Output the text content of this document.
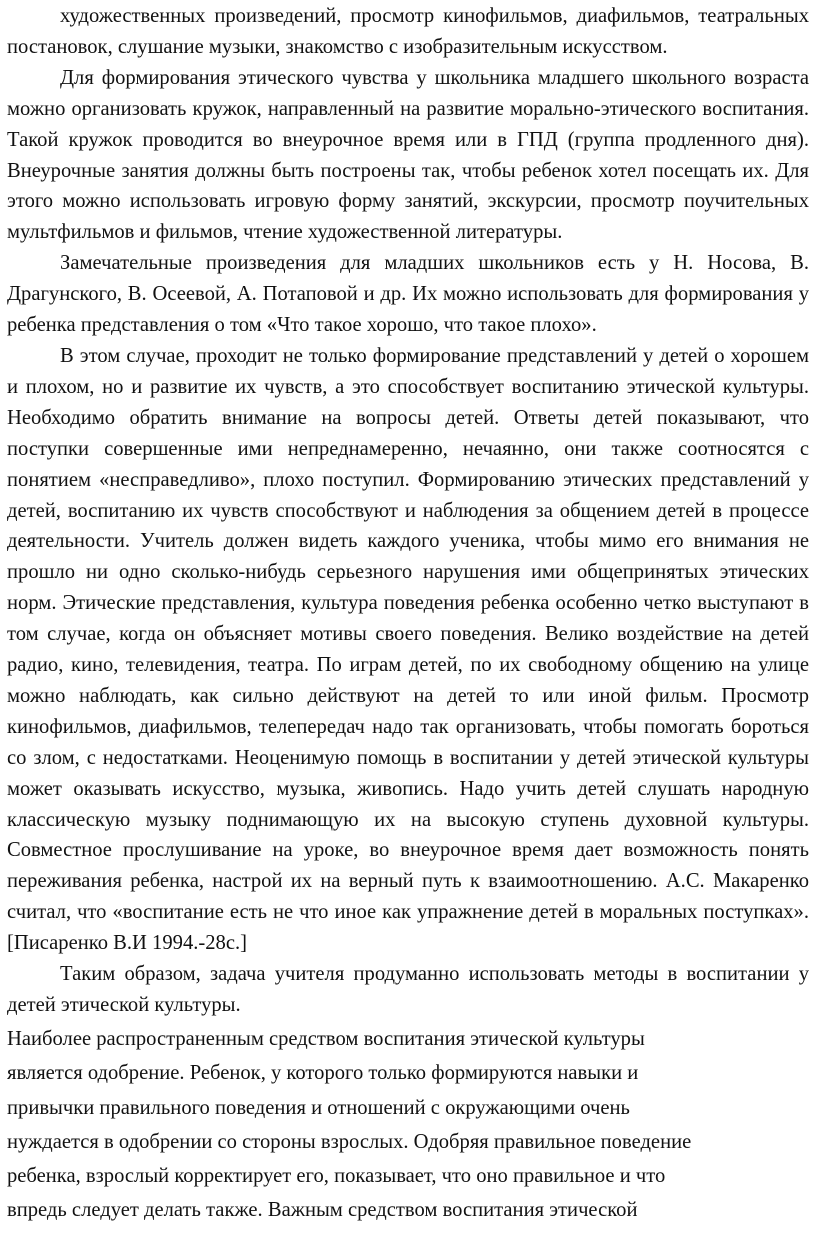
художественных произведений, просмотр кинофильмов, диафильмов, театральных постановок, слушание музыки, знакомство с изобразительным искусством.

Для формирования этического чувства у школьника младшего школьного возраста можно организовать кружок, направленный на развитие морально-этического воспитания. Такой кружок проводится во внеурочное время или в ГПД (группа продленного дня). Внеурочные занятия должны быть построены так, чтобы ребенок хотел посещать их. Для этого можно использовать игровую форму занятий, экскурсии, просмотр поучительных мультфильмов и фильмов, чтение художественной литературы.

Замечательные произведения для младших школьников есть у Н. Носова, В. Драгунского, В. Осеевой, А. Потаповой и др. Их можно использовать для формирования у ребенка представления о том «Что такое хорошо, что такое плохо».

В этом случае, проходит не только формирование представлений у детей о хорошем и плохом, но и развитие их чувств, а это способствует воспитанию этической культуры. Необходимо обратить внимание на вопросы детей. Ответы детей показывают, что поступки совершенные ими непреднамеренно, нечаянно, они также соотносятся с понятием «несправедливо», плохо поступил. Формированию этических представлений у детей, воспитанию их чувств способствуют и наблюдения за общением детей в процессе деятельности. Учитель должен видеть каждого ученика, чтобы мимо его внимания не прошло ни одно сколько-нибудь серьезного нарушения ими общепринятых этических норм. Этические представления, культура поведения ребенка особенно четко выступают в том случае, когда он объясняет мотивы своего поведения. Велико воздействие на детей радио, кино, телевидения, театра. По играм детей, по их свободному общению на улице можно наблюдать, как сильно действуют на детей то или иной фильм. Просмотр кинофильмов, диафильмов, телепередач надо так организовать, чтобы помогать бороться со злом, с недостатками. Неоценимую помощь в воспитании у детей этической культуры может оказывать искусство, музыка, живопись. Надо учить детей слушать народную классическую музыку поднимающую их на высокую ступень духовной культуры. Совместное прослушивание на уроке, во внеурочное время дает возможность понять переживания ребенка, настрой их на верный путь к взаимоотношению. А.С. Макаренко считал, что «воспитание есть не что иное как упражнение детей в моральных поступках». [Писаренко В.И 1994.-28с.]

Таким образом, задача учителя продуманно использовать методы в воспитании у детей этической культуры.

Наиболее распространенным средством воспитания этической культуры

является одобрение. Ребенок, у которого только формируются навыки и

привычки правильного поведения и отношений с окружающими очень

нуждается в одобрении со стороны взрослых. Одобряя правильное поведение

ребенка, взрослый корректирует его, показывает, что оно правильное и что

впредь следует делать также. Важным средством воспитания этической
